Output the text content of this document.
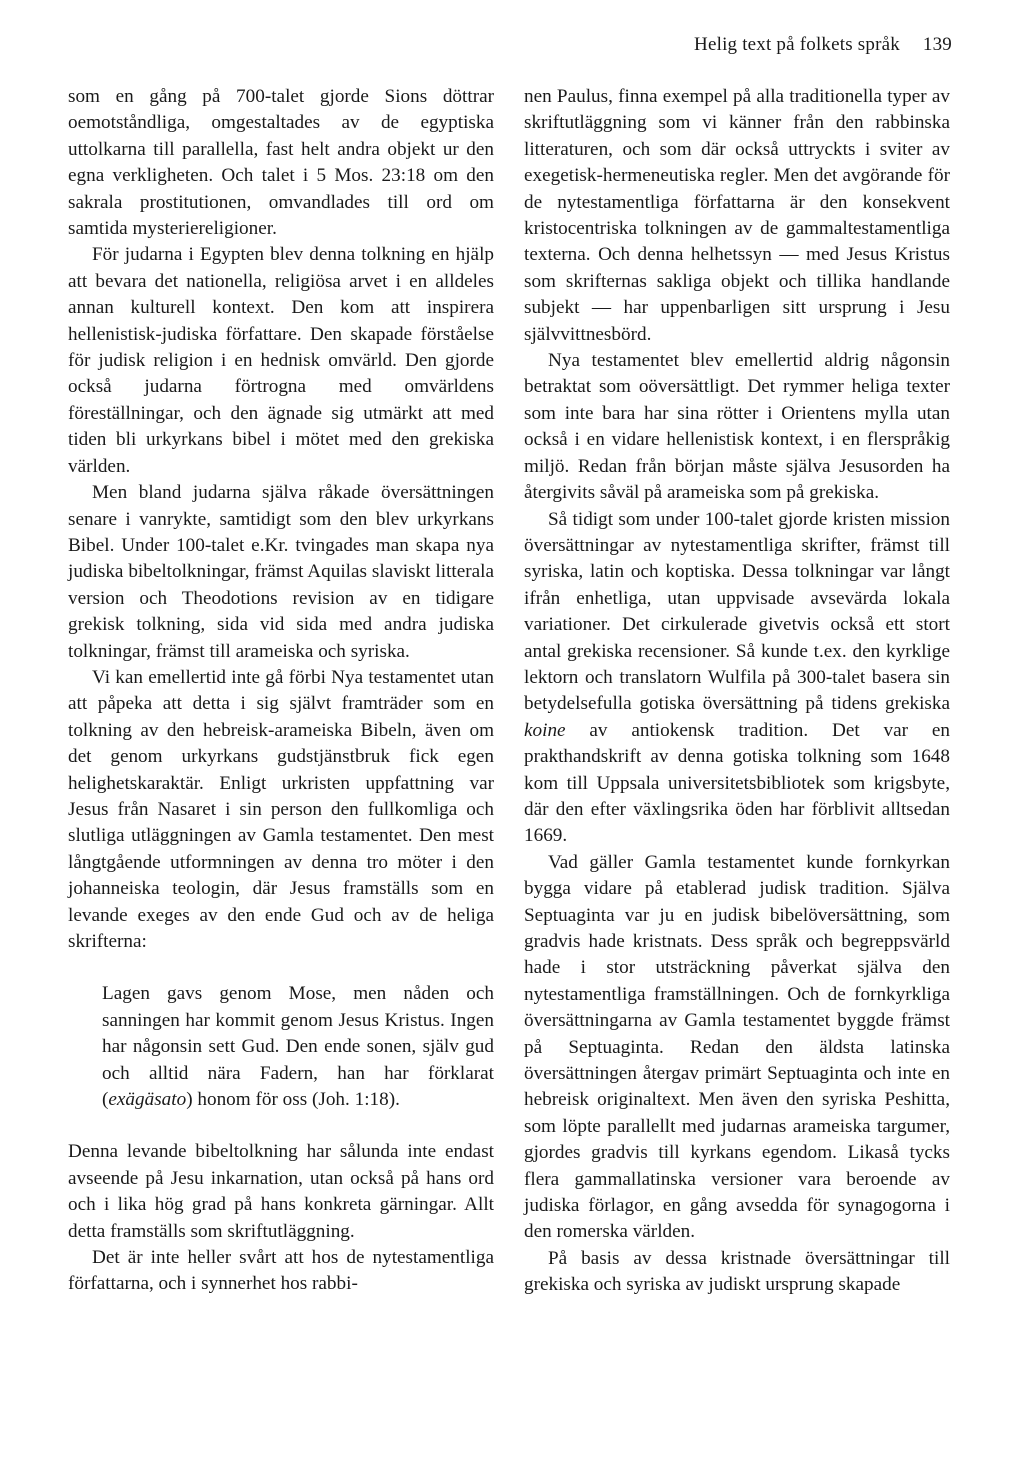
Helig text på folkets språk 139

som en gång på 700-talet gjorde Sions döttrar oemotståndliga, omgestaltades av de egyptiska uttolkarna till parallella, fast helt andra objekt ur den egna verkligheten. Och talet i 5 Mos. 23:18 om den sakrala prostitutionen, omvandlades till ord om samtida mysteriereligioner.

För judarna i Egypten blev denna tolkning en hjälp att bevara det nationella, religiösa arvet i en alldeles annan kulturell kontext. Den kom att inspirera hellenistisk-judiska författare. Den skapade förståelse för judisk religion i en hednisk omvärld. Den gjorde också judarna förtrogna med omvärldens föreställningar, och den ägnade sig utmärkt att med tiden bli urkyrkans bibel i mötet med den grekiska världen.

Men bland judarna själva råkade översättningen senare i vanrykte, samtidigt som den blev urkyrkans Bibel. Under 100-talet e.Kr. tvingades man skapa nya judiska bibeltolkningar, främst Aquilas slaviskt litterala version och Theodotions revision av en tidigare grekisk tolkning, sida vid sida med andra judiska tolkningar, främst till arameiska och syriska.

Vi kan emellertid inte gå förbi Nya testamentet utan att påpeka att detta i sig självt framträder som en tolkning av den hebreisk-arameiska Bibeln, även om det genom urkyrkans gudstjänstbruk fick egen helighetskaraktär. Enligt urkristen uppfattning var Jesus från Nasaret i sin person den fullkomliga och slutliga utläggningen av Gamla testamentet. Den mest långtgående utformningen av denna tro möter i den johanneiska teologin, där Jesus framställs som en levande exeges av den ende Gud och av de heliga skrifterna:

Lagen gavs genom Mose, men nåden och sanningen har kommit genom Jesus Kristus. Ingen har någonsin sett Gud. Den ende sonen, själv gud och alltid nära Fadern, han har förklarat (exägäsato) honom för oss (Joh. 1:18).

Denna levande bibeltolkning har sålunda inte endast avseende på Jesu inkarnation, utan också på hans ord och i lika hög grad på hans konkreta gärningar. Allt detta framställs som skriftutläggning.

Det är inte heller svårt att hos de nytestamentliga författarna, och i synnerhet hos rabbi-

nen Paulus, finna exempel på alla traditionella typer av skriftutläggning som vi känner från den rabbinska litteraturen, och som där också uttryckts i sviter av exegetisk-hermeneutiska regler. Men det avgörande för de nytestamentliga författarna är den konsekvent kristocentriska tolkningen av de gammaltestamentliga texterna. Och denna helhetssyn — med Jesus Kristus som skrifternas sakliga objekt och tillika handlande subjekt — har uppenbarligen sitt ursprung i Jesu självvittnesbörd.

Nya testamentet blev emellertid aldrig någonsin betraktat som oöversättligt. Det rymmer heliga texter som inte bara har sina rötter i Orientens mylla utan också i en vidare hellenistisk kontext, i en flerspråkig miljö. Redan från början måste själva Jesusorden ha återgivits såväl på arameiska som på grekiska.

Så tidigt som under 100-talet gjorde kristen mission översättningar av nytestamentliga skrifter, främst till syriska, latin och koptiska. Dessa tolkningar var långt ifrån enhetliga, utan uppvisade avsevärda lokala variationer. Det cirkulerade givetvis också ett stort antal grekiska recensioner. Så kunde t.ex. den kyrklige lektorn och translatorn Wulfila på 300-talet basera sin betydelsefulla gotiska översättning på tidens grekiska koine av antiokensk tradition. Det var en prakthandskrift av denna gotiska tolkning som 1648 kom till Uppsala universitetsbibliotek som krigsbyte, där den efter växlingsrika öden har förblivit alltsedan 1669.

Vad gäller Gamla testamentet kunde fornkyrkan bygga vidare på etablerad judisk tradition. Själva Septuaginta var ju en judisk bibelöversättning, som gradvis hade kristnats. Dess språk och begreppsvärld hade i stor utsträckning påverkat själva den nytestamentliga framställningen. Och de fornkyrkliga översättningarna av Gamla testamentet byggde främst på Septuaginta. Redan den äldsta latinska översättningen återgav primärt Septuaginta och inte en hebreisk originaltext. Men även den syriska Peshitta, som löpte parallellt med judarnas arameiska targumer, gjordes gradvis till kyrkans egendom. Likaså tycks flera gammallatinska versioner vara beroende av judiska förlagor, en gång avsedda för synagogorna i den romerska världen.

På basis av dessa kristnade översättningar till grekiska och syriska av judiskt ursprung skapade
